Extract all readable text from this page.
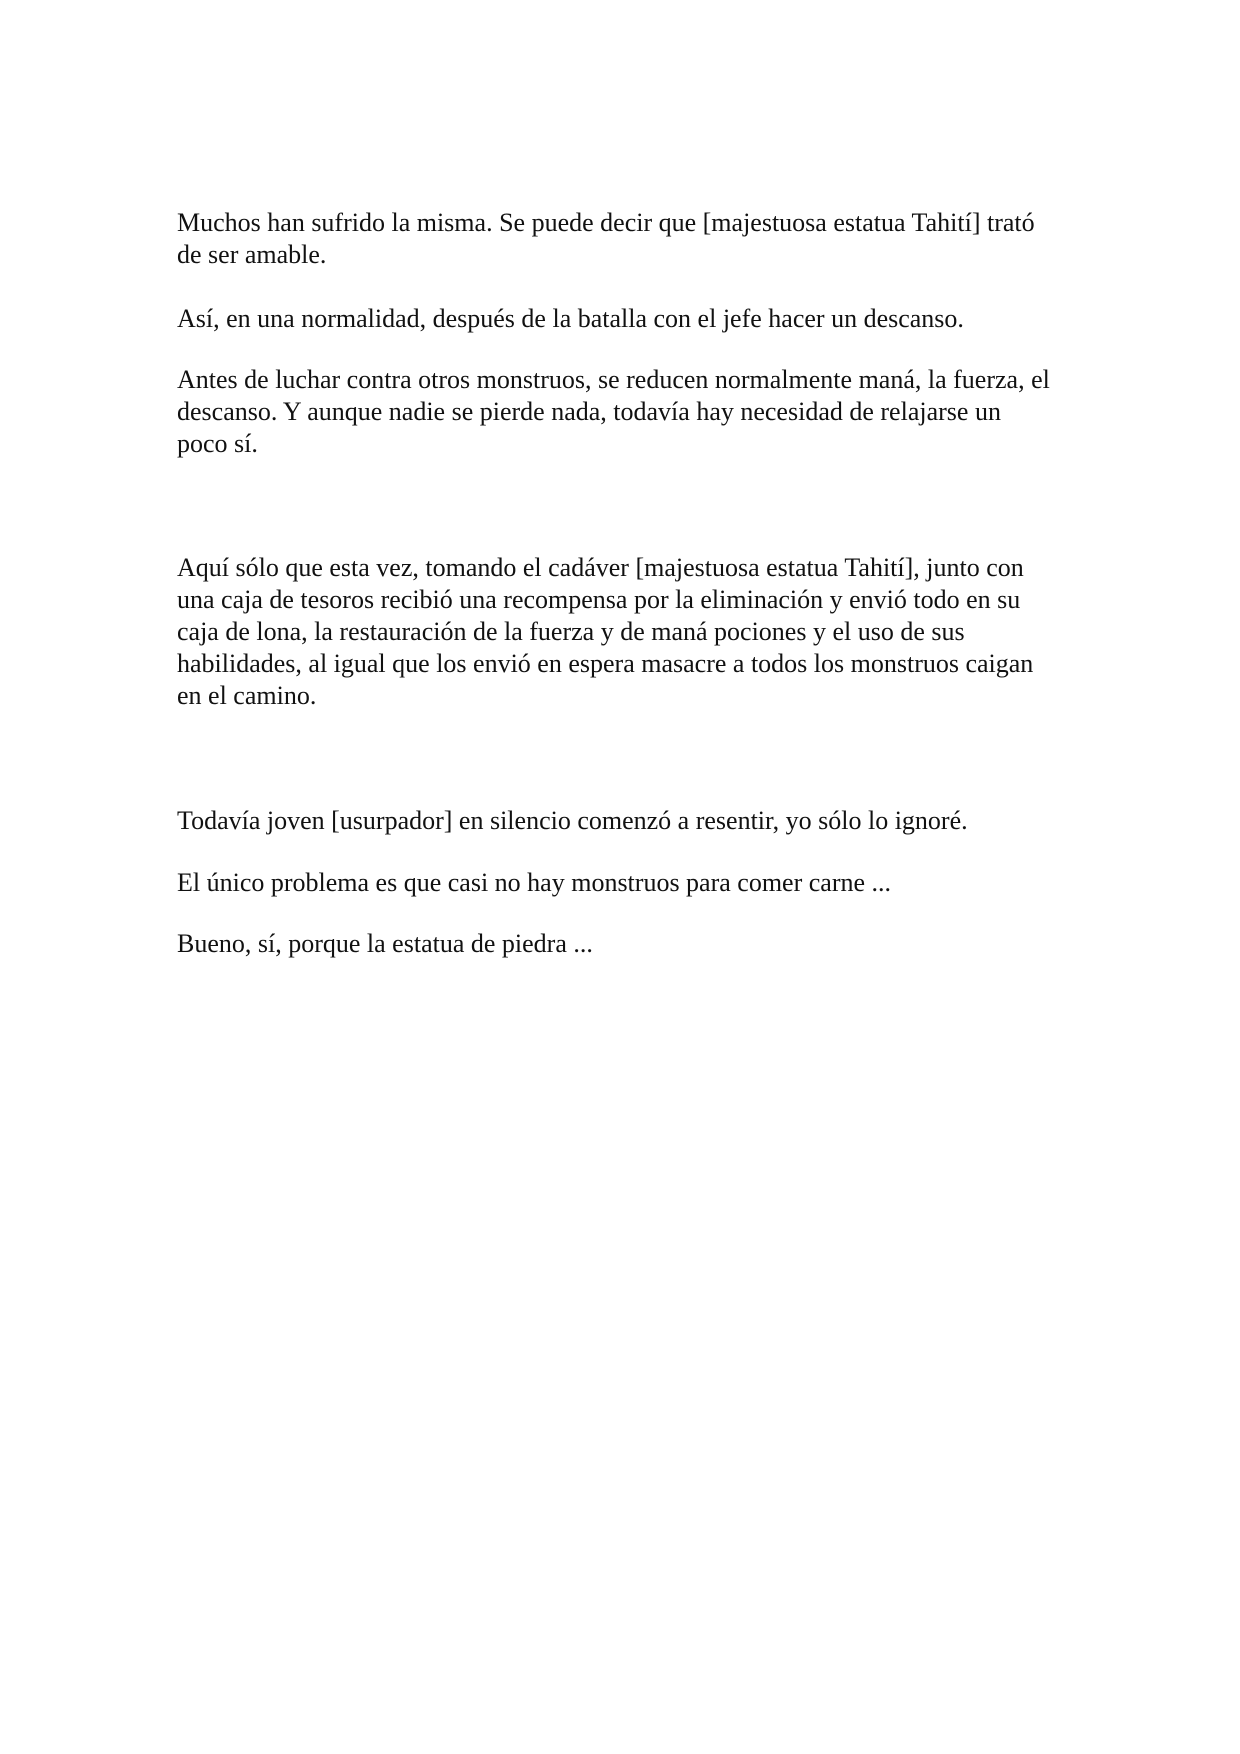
Muchos han sufrido la misma. Se puede decir que [majestuosa estatua Tahití] trató de ser amable.

Así, en una normalidad, después de la batalla con el jefe hacer un descanso.

Antes de luchar contra otros monstruos, se reducen normalmente maná, la fuerza, el descanso. Y aunque nadie se pierde nada, todavía hay necesidad de relajarse un poco sí.

Aquí sólo que esta vez, tomando el cadáver [majestuosa estatua Tahití], junto con una caja de tesoros recibió una recompensa por la eliminación y envió todo en su caja de lona, la restauración de la fuerza y de maná pociones y el uso de sus habilidades, al igual que los envió en espera masacre a todos los monstruos caigan en el camino.

Todavía joven [usurpador] en silencio comenzó a resentir, yo sólo lo ignoré.

El único problema es que casi no hay monstruos para comer carne ...

Bueno, sí, porque la estatua de piedra ...
